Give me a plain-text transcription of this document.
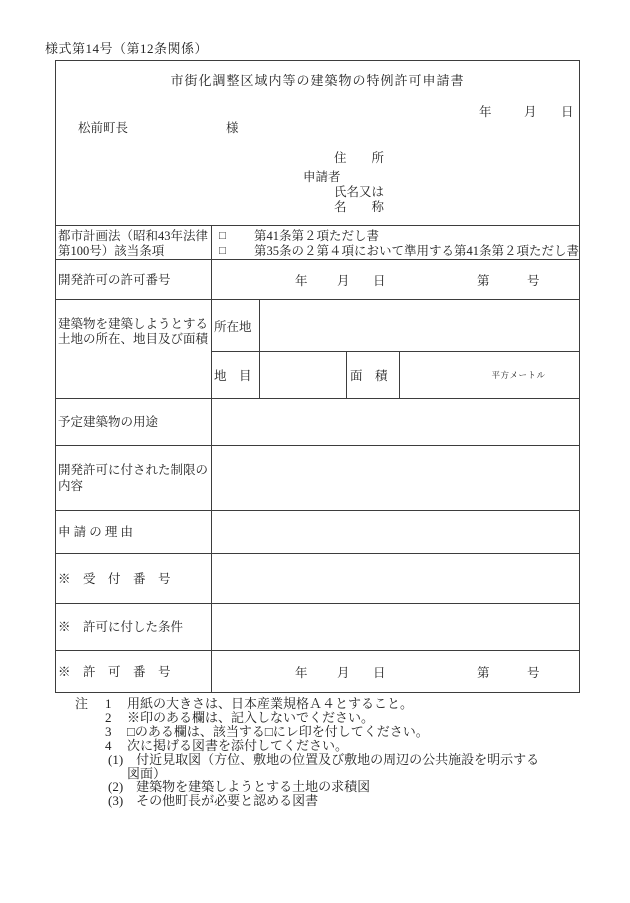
様式第14号（第12条関係）
市街化調整区域内等の建築物の特例許可申請書
年	月 日
松前町長	様
住　　所
申請者
氏名又は
名　　称
都市計画法（昭和43年法律
第100号）該当条項
□	第41条第２項ただし書
□	第35条の２第４項において準用する第41条第２項ただし書
開発許可の許可番号	年 月 日	第	号
建築物を建築しようとする土地の所在、地目及び面積
所在地
地　目	面　積	平方メートル
予定建築物の用途
開発許可に付された制限の内容
申 請 の 理 由
※　受　付　番　号
※　許可に付した条件
※　許　可　番　号	年 月 日	第	号
注	1	用紙の大きさは、日本産業規格Ａ４とすること。
2	※印のある欄は、記入しないでください。
3	□のある欄は、該当する□にレ印を付してください。
4	次に掲げる図書を添付してください。
(1)　付近見取図（方位、敷地の位置及び敷地の周辺の公共施設を明示する図面）
(2)　建築物を建築しようとする土地の求積図
(3)　その他町長が必要と認める図書
